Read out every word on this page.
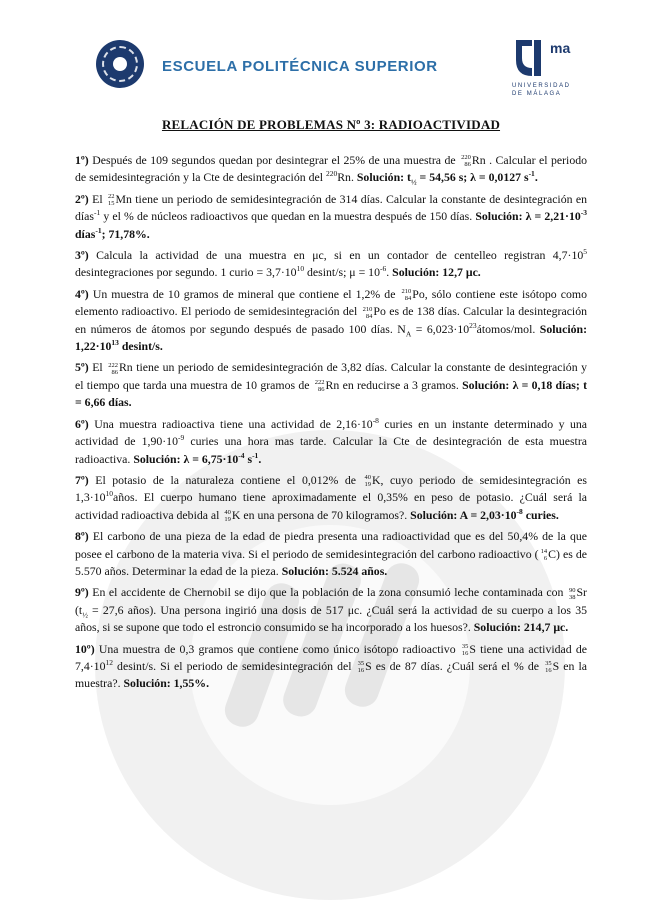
ESCUELA POLITÉCNICA SUPERIOR
ma
UNIVERSIDAD
DE MÁLAGA
RELACIÓN DE PROBLEMAS Nº 3: RADIOACTIVIDAD

1º) Después de 109 segundos quedan por desintegrar el 25% de una muestra de 220
86 Rn . Calcular el periodo de semidesintegración y la Cte de desintegración del $^{220}$Rn. Solución: $t_{\frac{1}{2}} = 54,56$ s; λ = 0,0127 $s^{-1}$.

2º) El 22
15 Mn tiene un periodo de semidesintegración de 314 días. Calcular la constante de desintegración en días$^{-1}$ y el % de núcleos radioactivos que quedan en la muestra después de 150 días. Solución: $\lambda = 2,21\cdot 10^{-3}$ días$^{-1}$; 71,78%.

3º) Calcula la actividad de una muestra en μc, si en un contador de centelleo registran $4,7\cdot 10^5$ desintegraciones por segundo. 1 curio = $3,7\cdot 10^{10}$ desint/s; $\mu = 10^{-6}$. Solución: 12,7 μc.

4º) Un muestra de 10 gramos de mineral que contiene el 1,2% de 210
84 Po, sólo contiene este isótopo como elemento radioactivo. El periodo de semidesintegración del 210
84 Po es de 138 días. Calcular la desintegración en números de átomos por segundo después de pasado 100 días. $N_A$ = $6,023\cdot 10^{23}átomos$/mol. Solución: $1,22\cdot 10^{13}$ desint/s.

5º) El 222
86 Rn tiene un periodo de semidesintegración de 3,82 días. Calcular la constante de desintegración y el tiempo que tarda una muestra de 10 gramos de 222
86 Rn en reducirse a 3 gramos. Solución: λ = 0,18 días; t = 6,66 días.

6º) Una muestra radioactiva tiene una actividad de $2,16\cdot 10^{-8}$ curies en un instante determinado y una actividad de $1,90\cdot 10^{-9}$ curies una hora mas tarde. Calcular la Cte de desintegración de esta muestra radioactiva. Solución: $\lambda = 6,75\cdot 10^{-4}$ $s^{-1}$.

7º) El potasio de la naturaleza contiene el 0,012% de 40
19 K, cuyo periodo de semidesintegración es $1,3\cdot 10^{10}años$. El cuerpo humano tiene aproximadamente el 0,35% en peso de potasio. ¿Cuál será la actividad radioactiva debida al 40
19 K en una persona de 70 kilogramos?. Solución: $A = 2,03\cdot 10^{-8}$ curies.

8º) El carbono de una pieza de la edad de piedra presenta una radioactividad que es del 50,4% de la que posee el carbono de la materia viva. Si el periodo de semidesintegración del carbono radioactivo ( 14
6 C) es de 5.570 años. Determinar la edad de la pieza. Solución: 5.524 años.

9º) En el accidente de Chernobil se dijo que la población de la zona consumió leche contaminada con 90
38 Sr ($t_{\frac{1}{2}} = 27,6$ años). Una persona ingirió una dosis de 517 μc. ¿Cuál será la actividad de su cuerpo a los 35 años, si se supone que todo el estroncio consumido se ha incorporado a los huesos?. Solución: 214,7 μc.

10º) Una muestra de 0,3 gramos que contiene como único isótopo radioactivo 35
16 S tiene una actividad de $7,4\cdot 10^{12}$ desint/s. Si el periodo de semidesintegración del 35
16 S es de 87 días. ¿Cuál será el % de 35
16 S en la muestra?. Solución: 1,55%.
